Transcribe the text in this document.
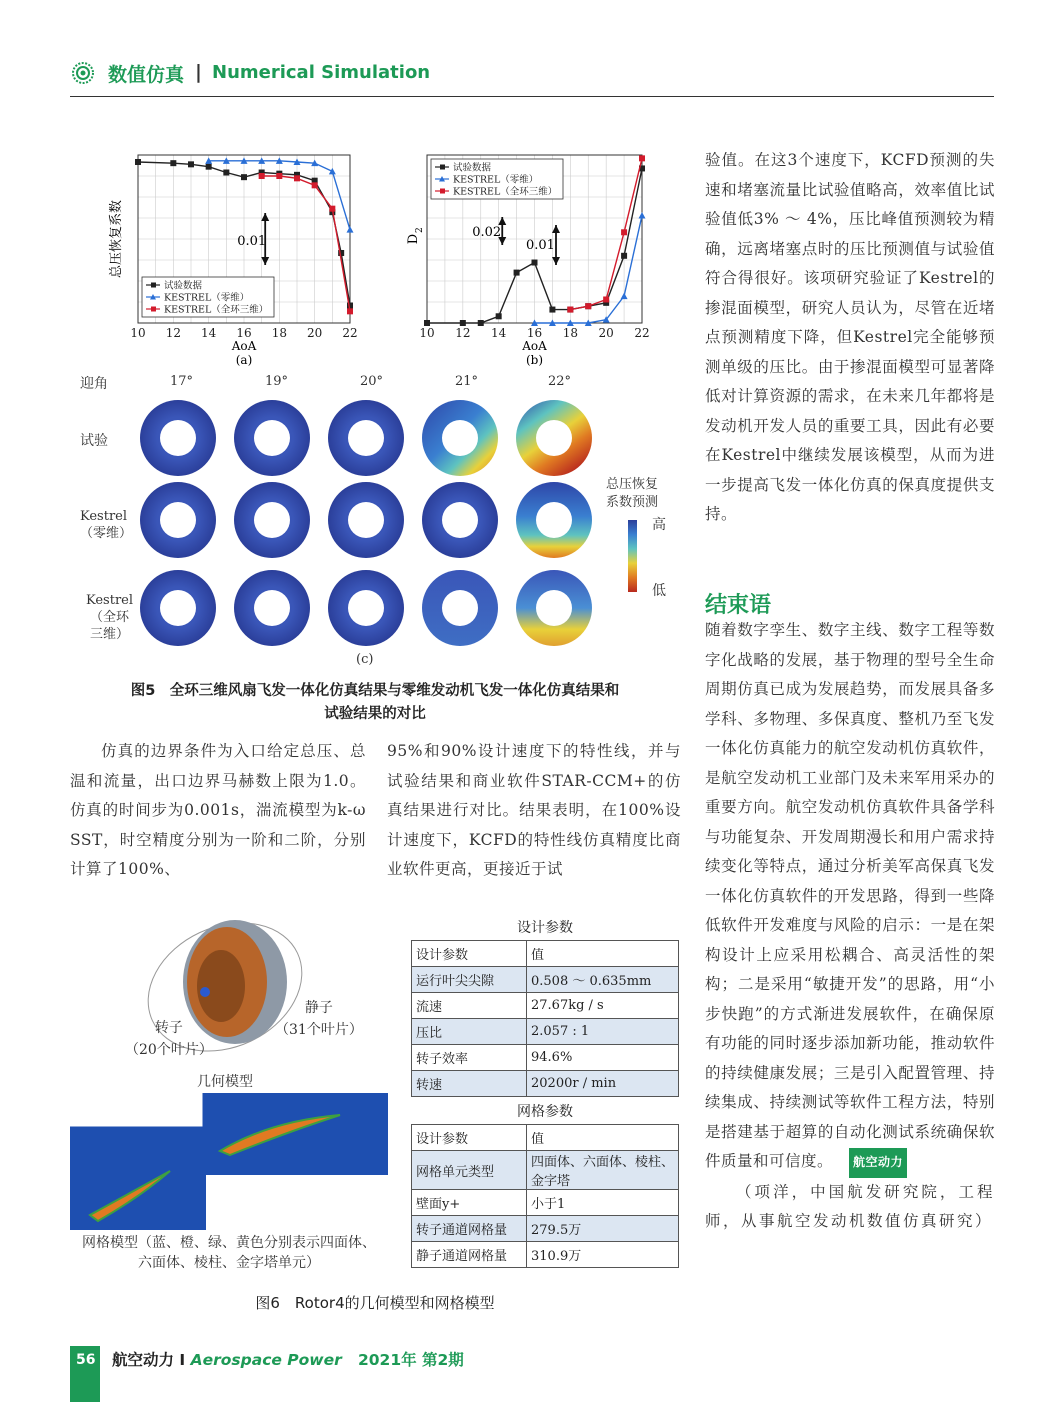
数值仿真 | Numerical Simulation
10 12 14 16 18 20 22
AoA
(a)
试验数据
KESTREL（零维）
KESTREL（全环三维）
总压恢复系数	0.01
10 12 14 16 18 20 22
AoA
(b)
试验数据
KESTREL（零维）
KESTREL（全环三维）
D
2	0.02
0.01
迎角	17°	19°	20°	21°	22°
试验
Kestrel
（零维）
Kestrel
（全环
三维）
总压恢复
系数预测
高
低
(c)
图5　全环三维风扇飞发一体化仿真结果与零维发动机飞发一体化仿真结果和
试验结果的对比

仿真的边界条件为入口给定总压、总温和流量，出口边界马赫数上限为1.0。仿真的时间步为0.001s，湍流模型为k-ω SST，时空精度分别为一阶和二阶，分别计算了100%、

95%和90%设计速度下的特性线，并与试验结果和商业软件STAR-CCM+的仿真结果进行对比。结果表明，在100%设计速度下，KCFD的特性线仿真精度比商业软件更高，更接近于试

验值。在这3个速度下，KCFD预测的失速和堵塞流量比试验值略高，效率值比试验值低3% ～ 4%，压比峰值预测较为精确，远离堵塞点时的压比预测值与试验值符合得很好。该项研究验证了Kestrel的掺混面模型，研究人员认为，尽管在近堵点预测精度下降，但Kestrel完全能够预测单级的压比。由于掺混面模型可显著降低对计算资源的需求，在未来几年都将是发动机开发人员的重要工具，因此有必要在Kestrel中继续发展该模型，从而为进一步提高飞发一体化仿真的保真度提供支持。

结束语

随着数字孪生、数字主线、数字工程等数字化战略的发展，基于物理的型号全生命周期仿真已成为发展趋势，而发展具备多学科、多物理、多保真度、整机乃至飞发一体化仿真能力的航空发动机仿真软件，是航空发动机工业部门及未来军用采办的重要方向。航空发动机仿真软件具备学科与功能复杂、开发周期漫长和用户需求持续变化等特点，通过分析美军高保真飞发一体化仿真软件的开发思路，得到一些降低软件开发难度与风险的启示：一是在架构设计上应采用松耦合、高灵活性的架构；二是采用“敏捷开发”的思路，用“小步快跑”的方式渐进发展软件，在确保原有功能的同时逐步添加新功能，推动软件的持续健康发展；三是引入配置管理、持续集成、持续测试等软件工程方法，特别是搭建基于超算的自动化测试系统确保软件质量和可信度。  航空动力

（项洋，中国航发研究院，工程师，从事航空发动机数值仿真研究）

转子
（20个叶片）
静子
（31个叶片）
几何模型
网格模型（蓝、橙、绿、黄色分别表示四面体、
六面体、棱柱、金字塔单元）
设计参数
设计参数	值
运行叶尖尖隙	0.508 ～ 0.635mm
流速	27.67kg / s
压比	2.057 : 1
转子效率	94.6%
转速	20200r / min
网格参数
设计参数	值
网格单元类型	四面体、六面体、棱柱、金字塔
壁面y+	小于1
转子通道网格量	279.5万
静子通道网格量	310.9万
图6　Rotor4的几何模型和网格模型
56 航空动力 I Aerospace Power 2021年 第2期
